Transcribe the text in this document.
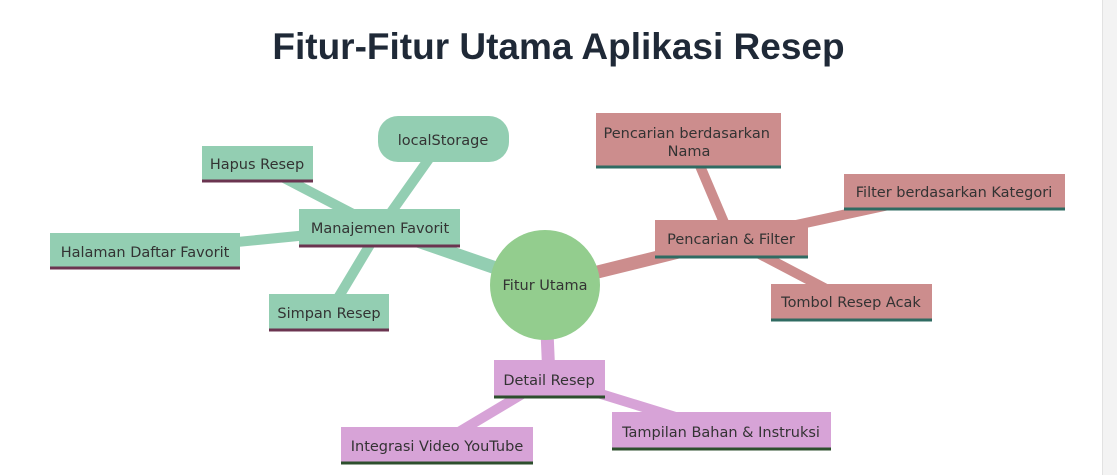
Fitur-Fitur Utama Aplikasi Resep
Fitur Utama
Manajemen Favorit
localStorage
Hapus Resep
Halaman Daftar Favorit
Simpan Resep
Pencarian & Filter
Pencarian berdasarkan Nama
Filter berdasarkan Kategori
Tombol Resep Acak
Detail Resep
Integrasi Video YouTube
Tampilan Bahan & Instruksi
